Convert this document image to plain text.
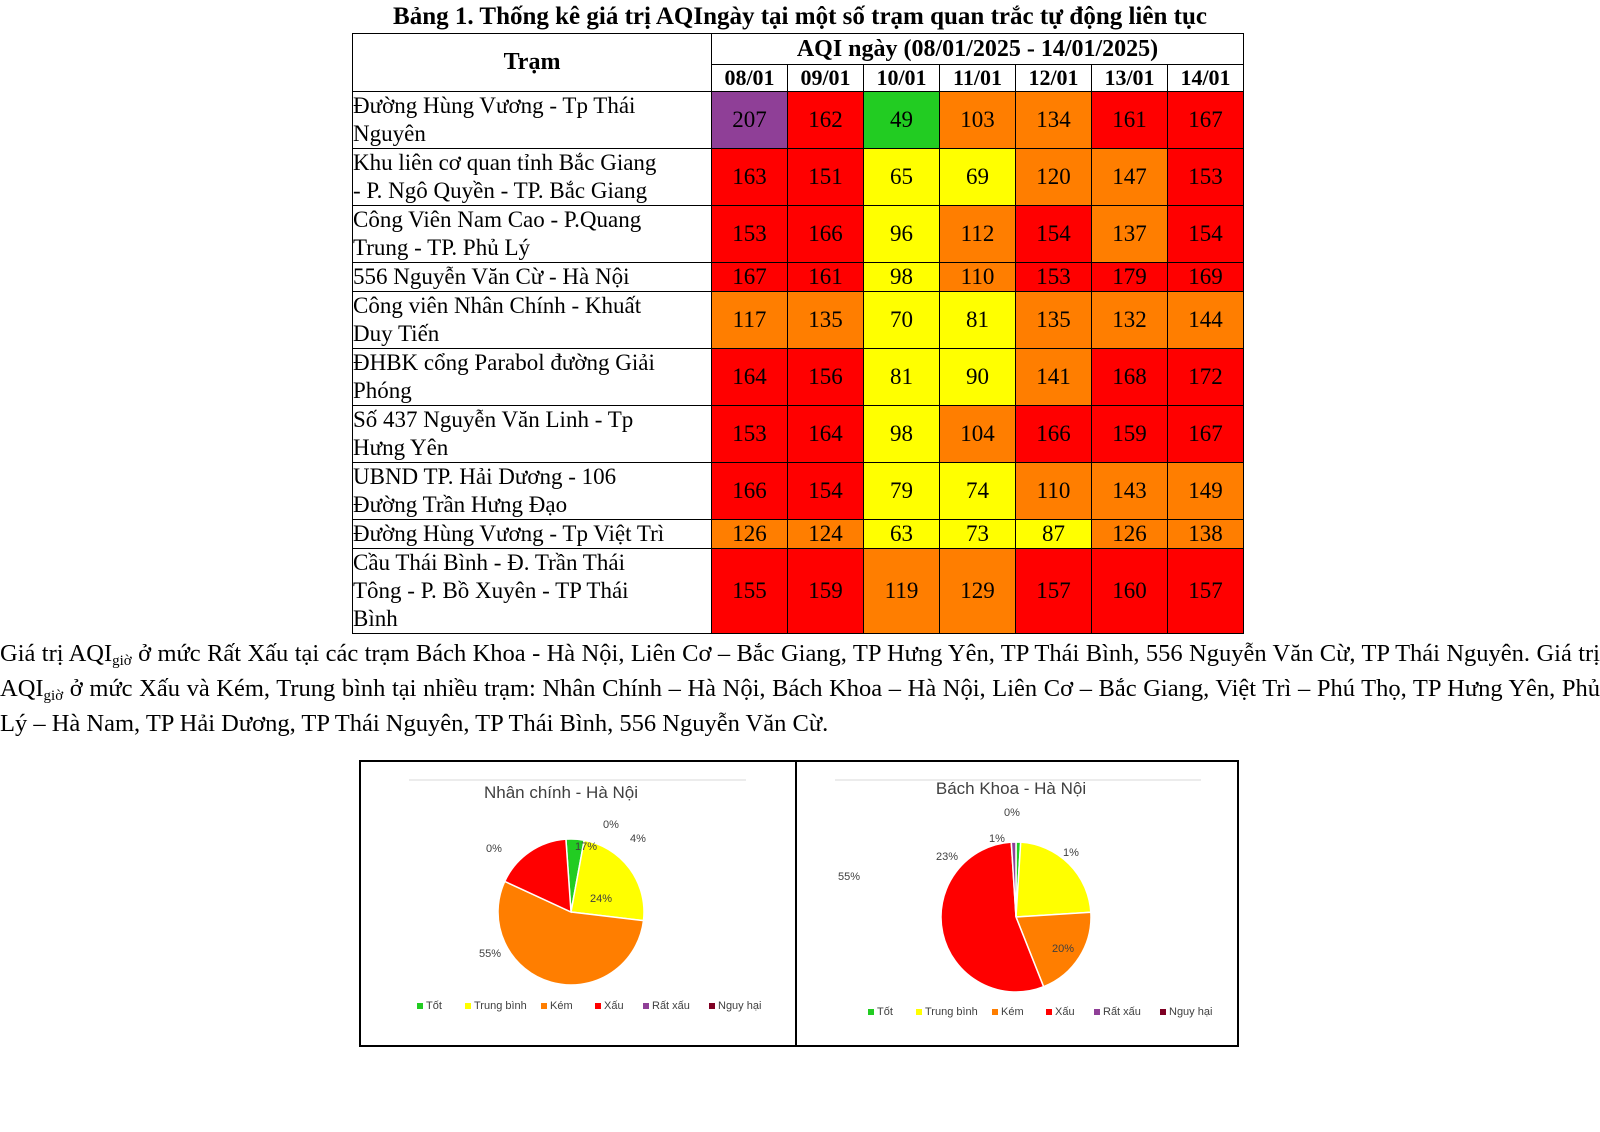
Bảng 1. Thống kê giá trị AQIngày tại một số trạm quan trắc tự động liên tục
Trạm	AQI ngày (08/01/2025 - 14/01/2025)						
	08/01	09/01	10/01	11/01	12/01	13/01	14/01

Đường Hùng Vương - Tp Thái
Nguyên	207	162	49	103	134	161	167

Khu liên cơ quan tỉnh Bắc Giang
- P. Ngô Quyền - TP. Bắc Giang	163	151	65	69	120	147	153

Công Viên Nam Cao - P.Quang
Trung - TP. Phủ Lý	153	166	96	112	154	137	154

556 Nguyễn Văn Cừ - Hà Nội	167	161	98	110	153	179	169

Công viên Nhân Chính - Khuất
Duy Tiến	117	135	70	81	135	132	144

ĐHBK cổng Parabol đường Giải
Phóng	164	156	81	90	141	168	172

Số 437 Nguyễn Văn Linh - Tp
Hưng Yên	153	164	98	104	166	159	167

UBND TP. Hải Dương - 106
Đường Trần Hưng Đạo	166	154	79	74	110	143	149

Đường Hùng Vương - Tp Việt Trì	126	124	63	73	87	126	138

Cầu Thái Bình - Đ. Trần Thái
Tông - P. Bồ Xuyên - TP Thái
Bình	155	159	119	129	157	160	157
Giá trị $AQI_{giờ}$ ở mức Rất Xấu tại các trạm Bách Khoa - Hà Nội, Liên Cơ – Bắc Giang, TP Hưng Yên, TP Thái Bình, 556 Nguyễn Văn Cừ, TP Thái Nguyên. Giá trị $AQI_{giờ}$ ở mức Xấu và Kém, Trung bình tại nhiều trạm: Nhân Chính – Hà Nội, Bách Khoa – Hà Nội, Liên Cơ – Bắc Giang, Việt Trì – Phú Thọ, TP Hưng Yên, Phủ Lý – Hà Nam, TP Hải Dương, TP Thái Nguyên, TP Thái Bình, 556 Nguyễn Văn Cừ.
Nhân chính - Hà Nội
4%
24%
55%
17%
0%
0%
Tốt	Trung bình Kém	Xấu	Rất xấu	Nguy hại
Bách Khoa - Hà Nội
1%
23%
20%
55%
1%
0%
Tốt	Trung bình Kém	Xấu	Rất xấu	Nguy hại
